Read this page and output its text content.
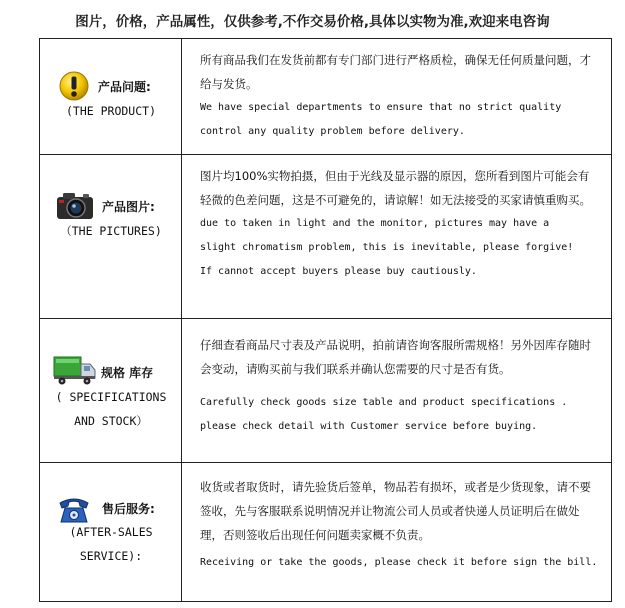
图片，价格，产品属性，仅供参考,不作交易价格,具体以实物为准,欢迎来电咨询
产品问题:
(THE PRODUCT)
所有商品我们在发货前都有专门部门进行严格质检，确保无任何质量问题，才给与发货。
We have special departments to ensure that no strict quality
control any quality problem before delivery.
产品图片:
（THE PICTURES)
图片均100%实物拍摄，但由于光线及显示器的原因，您所看到图片可能会有轻微的色差问题，这是不可避免的，请谅解！如无法接受的买家请慎重购买。
due to taken in light and the monitor, pictures may have a
slight chromatism problem, this is inevitable, please forgive!
If cannot accept buyers please buy cautiously.
规格 库存
( SPECIFICATIONS
AND STOCK）
仔细查看商品尺寸表及产品说明，拍前请咨询客服所需规格！另外因库存随时会变动，请购买前与我们联系并确认您需要的尺寸是否有货。
Carefully check goods size table and product specifications .
please check detail with Customer service before buying.
售后服务:
(AFTER-SALES
SERVICE):
收货或者取货时，请先验货后签单，物品若有损坏，或者是少货现象，请不要签收，先与客服联系说明情况并让物流公司人员或者快递人员证明后在做处理，否则签收后出现任何问题卖家概不负责。
Receiving or take the goods, please check it before sign the bill.
